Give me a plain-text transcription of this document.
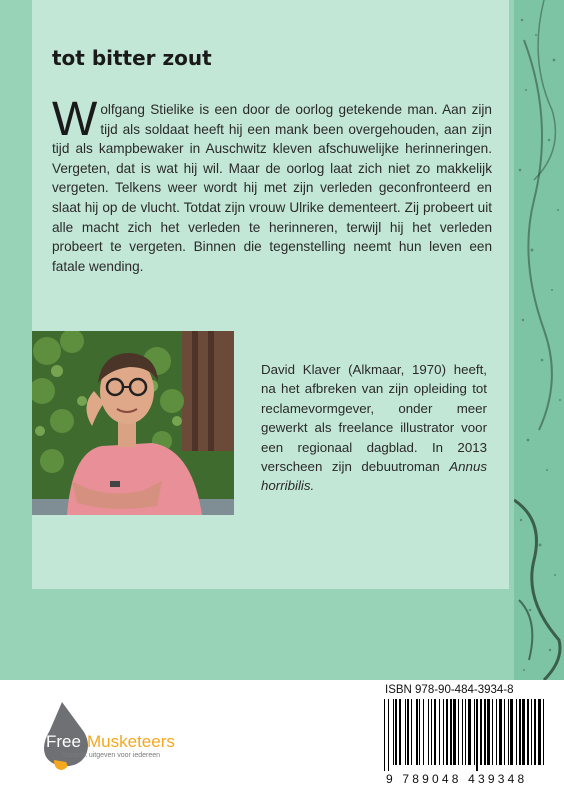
tot bitter zout

Wolfgang Stielike is een door de oorlog getekende man. Aan zijn tijd als soldaat heeft hij een mank been overgehouden, aan zijn tijd als kampbewaker in Auschwitz kleven afschuwelijke herinneringen. Vergeten, dat is wat hij wil. Maar de oorlog laat zich niet zo makkelijk vergeten. Telkens weer wordt hij met zijn verleden geconfronteerd en slaat hij op de vlucht. Totdat zijn vrouw Ulrike dementeert. Zij probeert uit alle macht zich het verleden te herinneren, terwijl hij het verleden probeert te vergeten. Binnen die tegenstelling neemt hun leven een fatale wending.

David Klaver (Alkmaar, 1970) heeft, na het afbreken van zijn opleiding tot reclamevormgever, onder meer gewerkt als freelance illustrator voor een regionaal dagblad. In 2013 verscheen zijn debuutroman Annus horribilis.

Free Musketeers
Kansrijk uitgeven voor iedereen
ISBN 978-90-484-3934-8
9 789048 439348
